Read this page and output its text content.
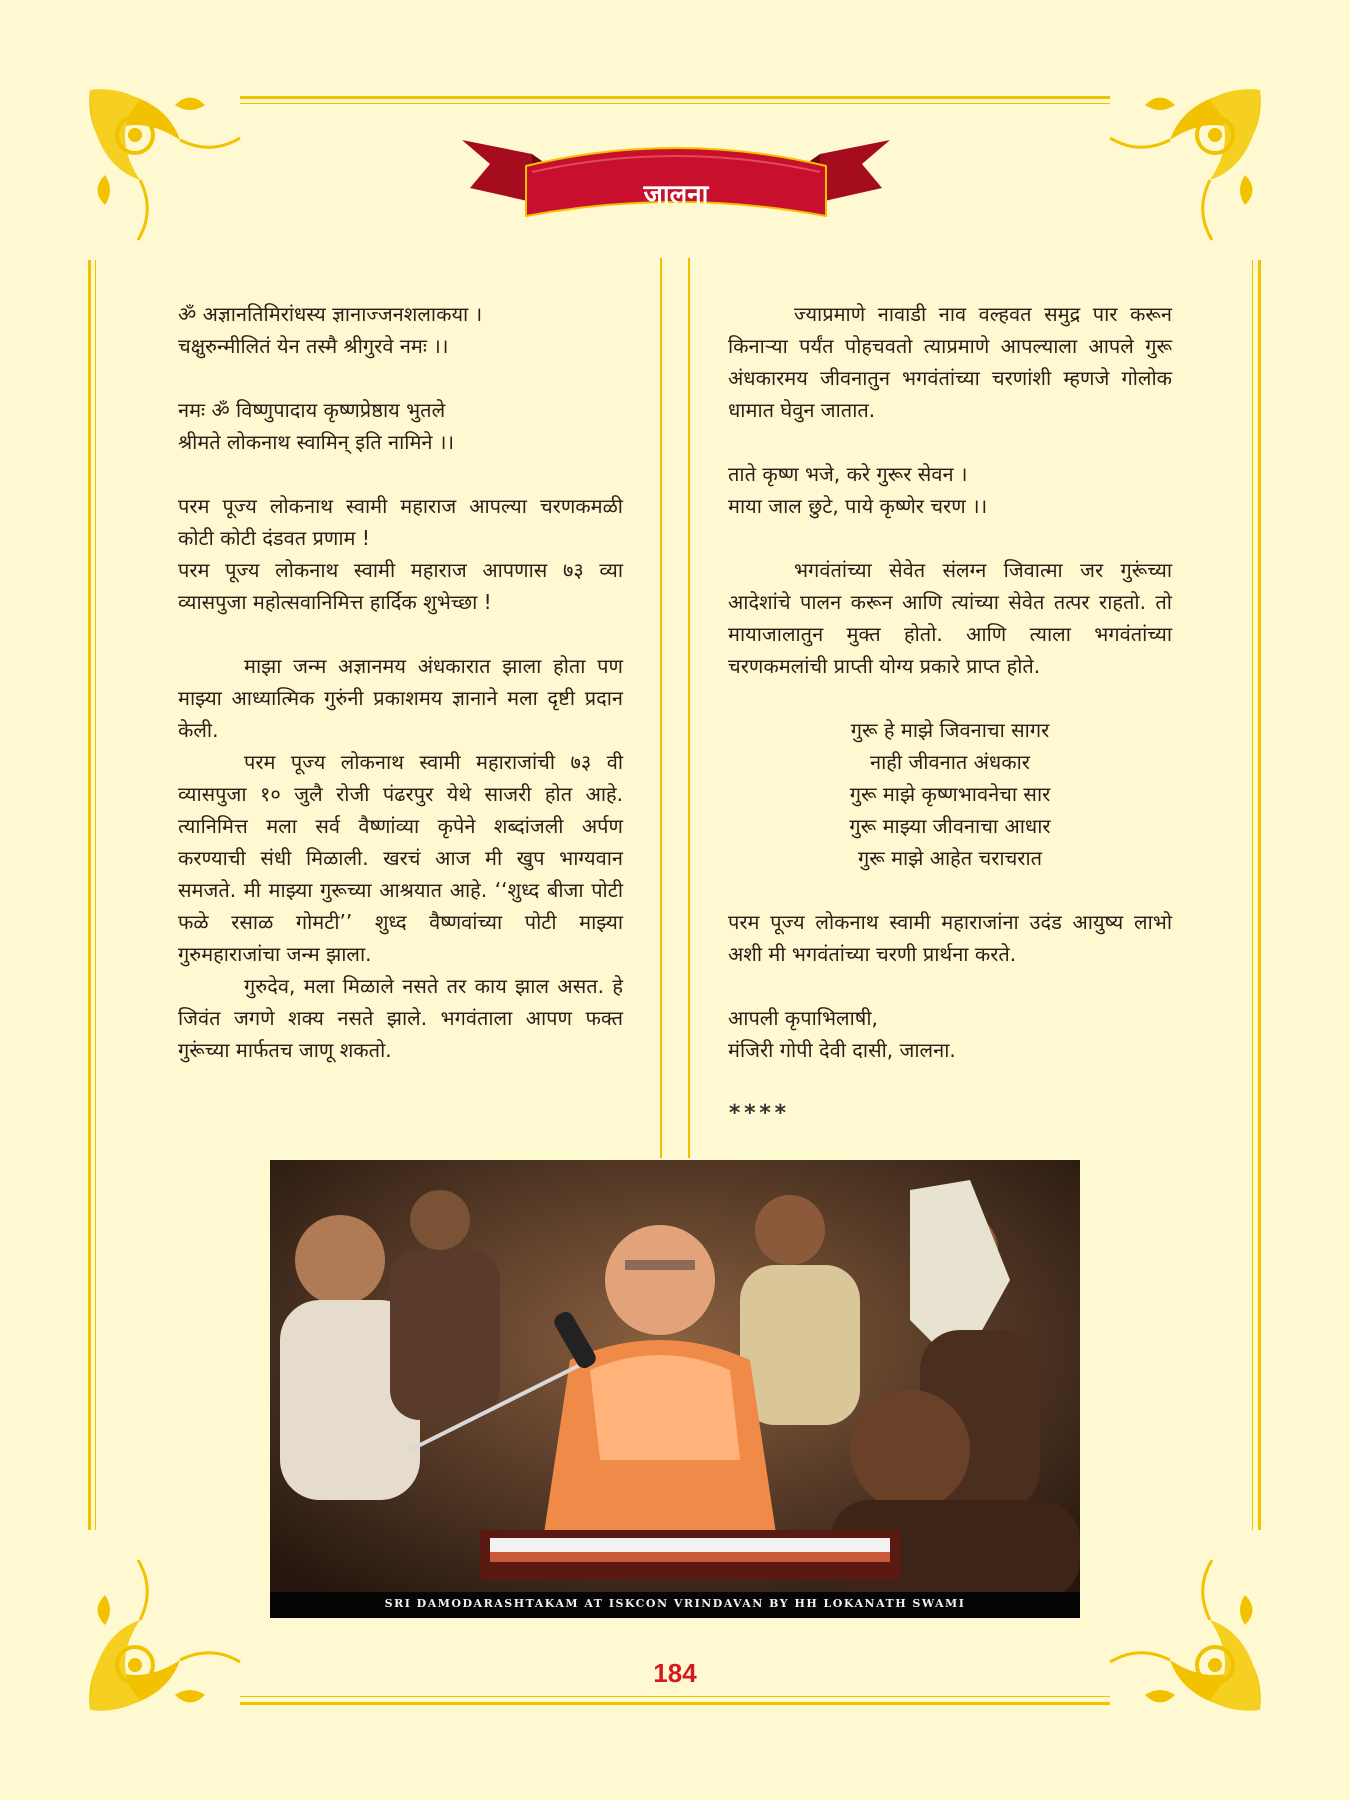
जालना

ॐ अज्ञानतिमिरांधस्य ज्ञानाज्जनशलाकया ।

चक्षुरुन्मीलितं येन तस्मै श्रीगुरवे नमः ।।

नमः ॐ विष्णुपादाय कृष्णप्रेष्ठाय भुतले

श्रीमते लोकनाथ स्वामिन् इति नामिने ।।

परम पूज्य लोकनाथ स्वामी महाराज आपल्या चरणकमळी कोटी कोटी दंडवत प्रणाम !

परम पूज्य लोकनाथ स्वामी महाराज आपणास ७३ व्या व्यासपुजा महोत्सवानिमित्त हार्दिक शुभेच्छा !

माझा जन्म अज्ञानमय अंधकारात झाला होता पण माझ्या आध्यात्मिक गुरुंनी प्रकाशमय ज्ञानाने मला दृष्टी प्रदान केली.

परम पूज्य लोकनाथ स्वामी महाराजांची ७३ वी व्यासपुजा १० जुलै रोजी पंढरपुर येथे साजरी होत आहे. त्यानिमित्त मला सर्व वैष्णांव्या कृपेने शब्दांजली अर्पण करण्याची संधी मिळाली. खरचं आज मी खुप भाग्यवान समजते. मी माझ्या गुरूच्या आश्रयात आहे. ‘‘शुध्द बीजा पोटी फळे रसाळ गोमटी’’ शुध्द वैष्णवांच्या पोटी माझ्या गुरुमहाराजांचा जन्म झाला.

गुरुदेव, मला मिळाले नसते तर काय झाल असत. हे जिवंत जगणे शक्य नसते झाले. भगवंताला आपण फक्त गुरूंच्या मार्फतच जाणू शकतो.

ज्याप्रमाणे नावाडी नाव वल्हवत समुद्र पार करून किनाऱ्या पर्यंत पोहचवतो त्याप्रमाणे आपल्याला आपले गुरू अंधकारमय जीवनातुन भगवंतांच्या चरणांशी म्हणजे गोलोक धामात घेवुन जातात.

ताते कृष्ण भजे, करे गुरूर सेवन ।

माया जाल छुटे, पाये कृष्णेर चरण ।।

भगवंतांच्या सेवेत संलग्न जिवात्मा जर गुरूंच्या आदेशांचे पालन करून आणि त्यांच्या सेवेत तत्पर राहतो. तो मायाजालातुन मुक्त होतो. आणि त्याला भगवंतांच्या चरणकमलांची प्राप्ती योग्य प्रकारे प्राप्त होते.

गुरू हे माझे जिवनाचा सागर

नाही जीवनात अंधकार

गुरू माझे कृष्णभावनेचा सार

गुरू माझ्या जीवनाचा आधार

गुरू माझे आहेत चराचरात

परम पूज्य लोकनाथ स्वामी महाराजांना उदंड आयुष्य लाभो अशी मी भगवंतांच्या चरणी प्रार्थना करते.

आपली कृपाभिलाषी,

मंजिरी गोपी देवी दासी, जालना.

****

SRI DAMODARASHTAKAM AT ISKCON VRINDAVAN BY HH LOKANATH SWAMI
184
